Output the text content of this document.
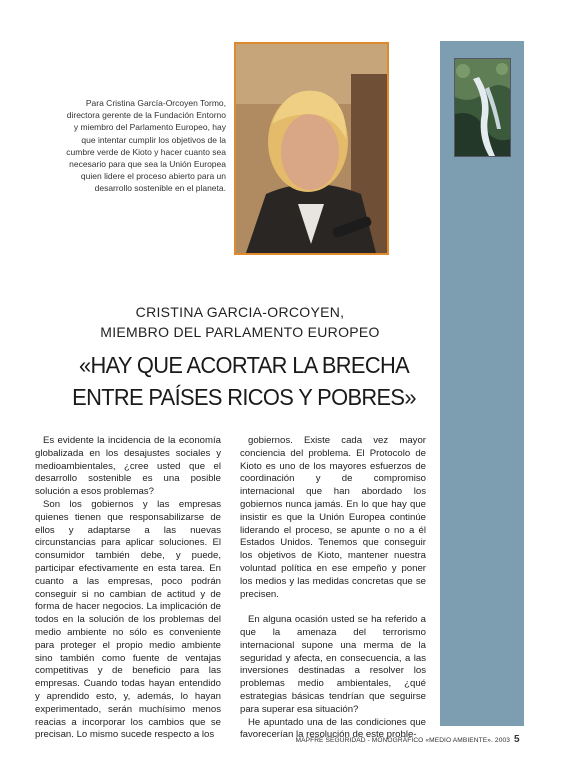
Para Cristina García-Orcoyen Tormo, directora gerente de la Fundación Entorno y miembro del Parlamento Europeo, hay que intentar cumplir los objetivos de la cumbre verde de Kioto y hacer cuanto sea necesario para que sea la Unión Europea quien lidere el proceso abierto para un desarrollo sostenible en el planeta.
CRISTINA GARCIA-ORCOYEN,
MIEMBRO DEL PARLAMENTO EUROPEO
«HAY QUE ACORTAR LA BRECHA
ENTRE PAÍSES RICOS Y POBRES»

Es evidente la incidencia de la economía globalizada en los desajustes sociales y medioambientales, ¿cree usted que el desarrollo sostenible es una posible solución a esos problemas?

Son los gobiernos y las empresas quienes tienen que responsabilizarse de ellos y adaptarse a las nuevas circunstancias para aplicar soluciones. El consumidor también debe, y puede, participar efectivamente en esta tarea. En cuanto a las empresas, poco podrán conseguir si no cambian de actitud y de forma de hacer negocios. La implicación de todos en la solución de los problemas del medio ambiente no sólo es conveniente para proteger el propio medio ambiente sino también como fuente de ventajas competitivas y de beneficio para las empresas. Cuando todas hayan entendido y aprendido esto, y, además, lo hayan experimentado, serán muchísimo menos reacias a incorporar los cambios que se precisan. Lo mismo sucede respecto a los

gobiernos. Existe cada vez mayor conciencia del problema. El Protocolo de Kioto es uno de los mayores esfuerzos de coordinación y de compromiso internacional que han abordado los gobiernos nunca jamás. En lo que hay que insistir es que la Unión Europea continúe liderando el proceso, se apunte o no a él Estados Unidos. Tenemos que conseguir los objetivos de Kioto, mantener nuestra voluntad política en ese empeño y poner los medios y las medidas concretas que se precisen.

En alguna ocasión usted se ha referido a que la amenaza del terrorismo internacional supone una merma de la seguridad y afecta, en consecuencia, a las inversiones destinadas a resolver los problemas medio ambientales, ¿qué estrategias básicas tendrían que seguirse para superar esa situación?

He apuntado una de las condiciones que favorecerían la resolución de este proble-

MAPFRE SEGURIDAD - MONOGRÁFICO «MEDIO AMBIENTE». 2003 5
